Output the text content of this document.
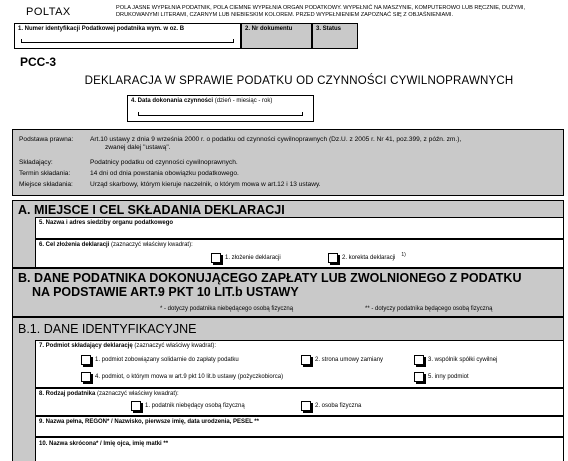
POLTAX	POLA JASNE WYPEŁNIA PODATNIK, POLA CIEMNE WYPEŁNIA ORGAN PODATKOWY. WYPEŁNIĆ NA MASZYNIE, KOMPUTEROWO LUB RĘCZNIE, DUŻYMI,
DRUKOWANYMI LITERAMI, CZARNYM LUB NIEBIESKIM KOLOREM. PRZED WYPEŁNIENIEM ZAPOZNAĆ SIĘ Z OBJAŚNIENIAMI.
1. Numer identyfikacji Podatkowej podatnika wym. w oz. B	2. Nr dokumentu	3. Status
PCC-3
DEKLARACJA W SPRAWIE PODATKU OD CZYNNOŚCI CYWILNOPRAWNYCH
4. Data dokonania czynności (dzień - miesiąc - rok)
Podstawa prawna:	Art.10 ustawy z dnia 9 września 2000 r. o podatku od czynności cywilnoprawnych (Dz.U. z 2005 r. Nr 41, poz.399, z późn. zm.),
zwanej dalej "ustawą".
Składający:	Podatnicy podatku od czynności cywilnoprawnych.
Termin składania:	14 dni od dnia powstania obowiązku podatkowego.
Miejsce składania:	Urząd skarbowy, którym kieruje naczelnik, o którym mowa w art.12 i 13 ustawy.
A. MIEJSCE I CEL SKŁADANIA DEKLARACJI
5. Nazwa i adres siedziby organu podatkowego
6. Cel złożenia deklaracji (zaznaczyć właściwy kwadrat):
1. złożenie deklaracji	2. korekta deklaracji 1)
B. DANE PODATNIKA DOKONUJĄCEGO ZAPŁATY LUB ZWOLNIONEGO Z PODATKU
NA PODSTAWIE ART.9 PKT 10 LIT.b USTAWY
* - dotyczy podatnika niebędącego osobą fizyczną	** - dotyczy podatnika będącego osobą fizyczną
B.1. DANE IDENTYFIKACYJNE
7. Podmiot składający deklarację (zaznaczyć właściwy kwadrat):
1. podmiot zobowiązany solidarnie do zapłaty podatku	2. strona umowy zamiany	3. wspólnik spółki cywilnej
4. podmiot, o którym mowa w art.9 pkt 10 lit.b ustawy (pożyczkobiorca)	5. inny podmiot
8. Rodzaj podatnika (zaznaczyć właściwy kwadrat):
1. podatnik niebędący osobą fizyczną	2. osoba fizyczna
9. Nazwa pełna, REGON* / Nazwisko, pierwsze imię, data urodzenia, PESEL **
10. Nazwa skrócona* / Imię ojca, imię matki **
